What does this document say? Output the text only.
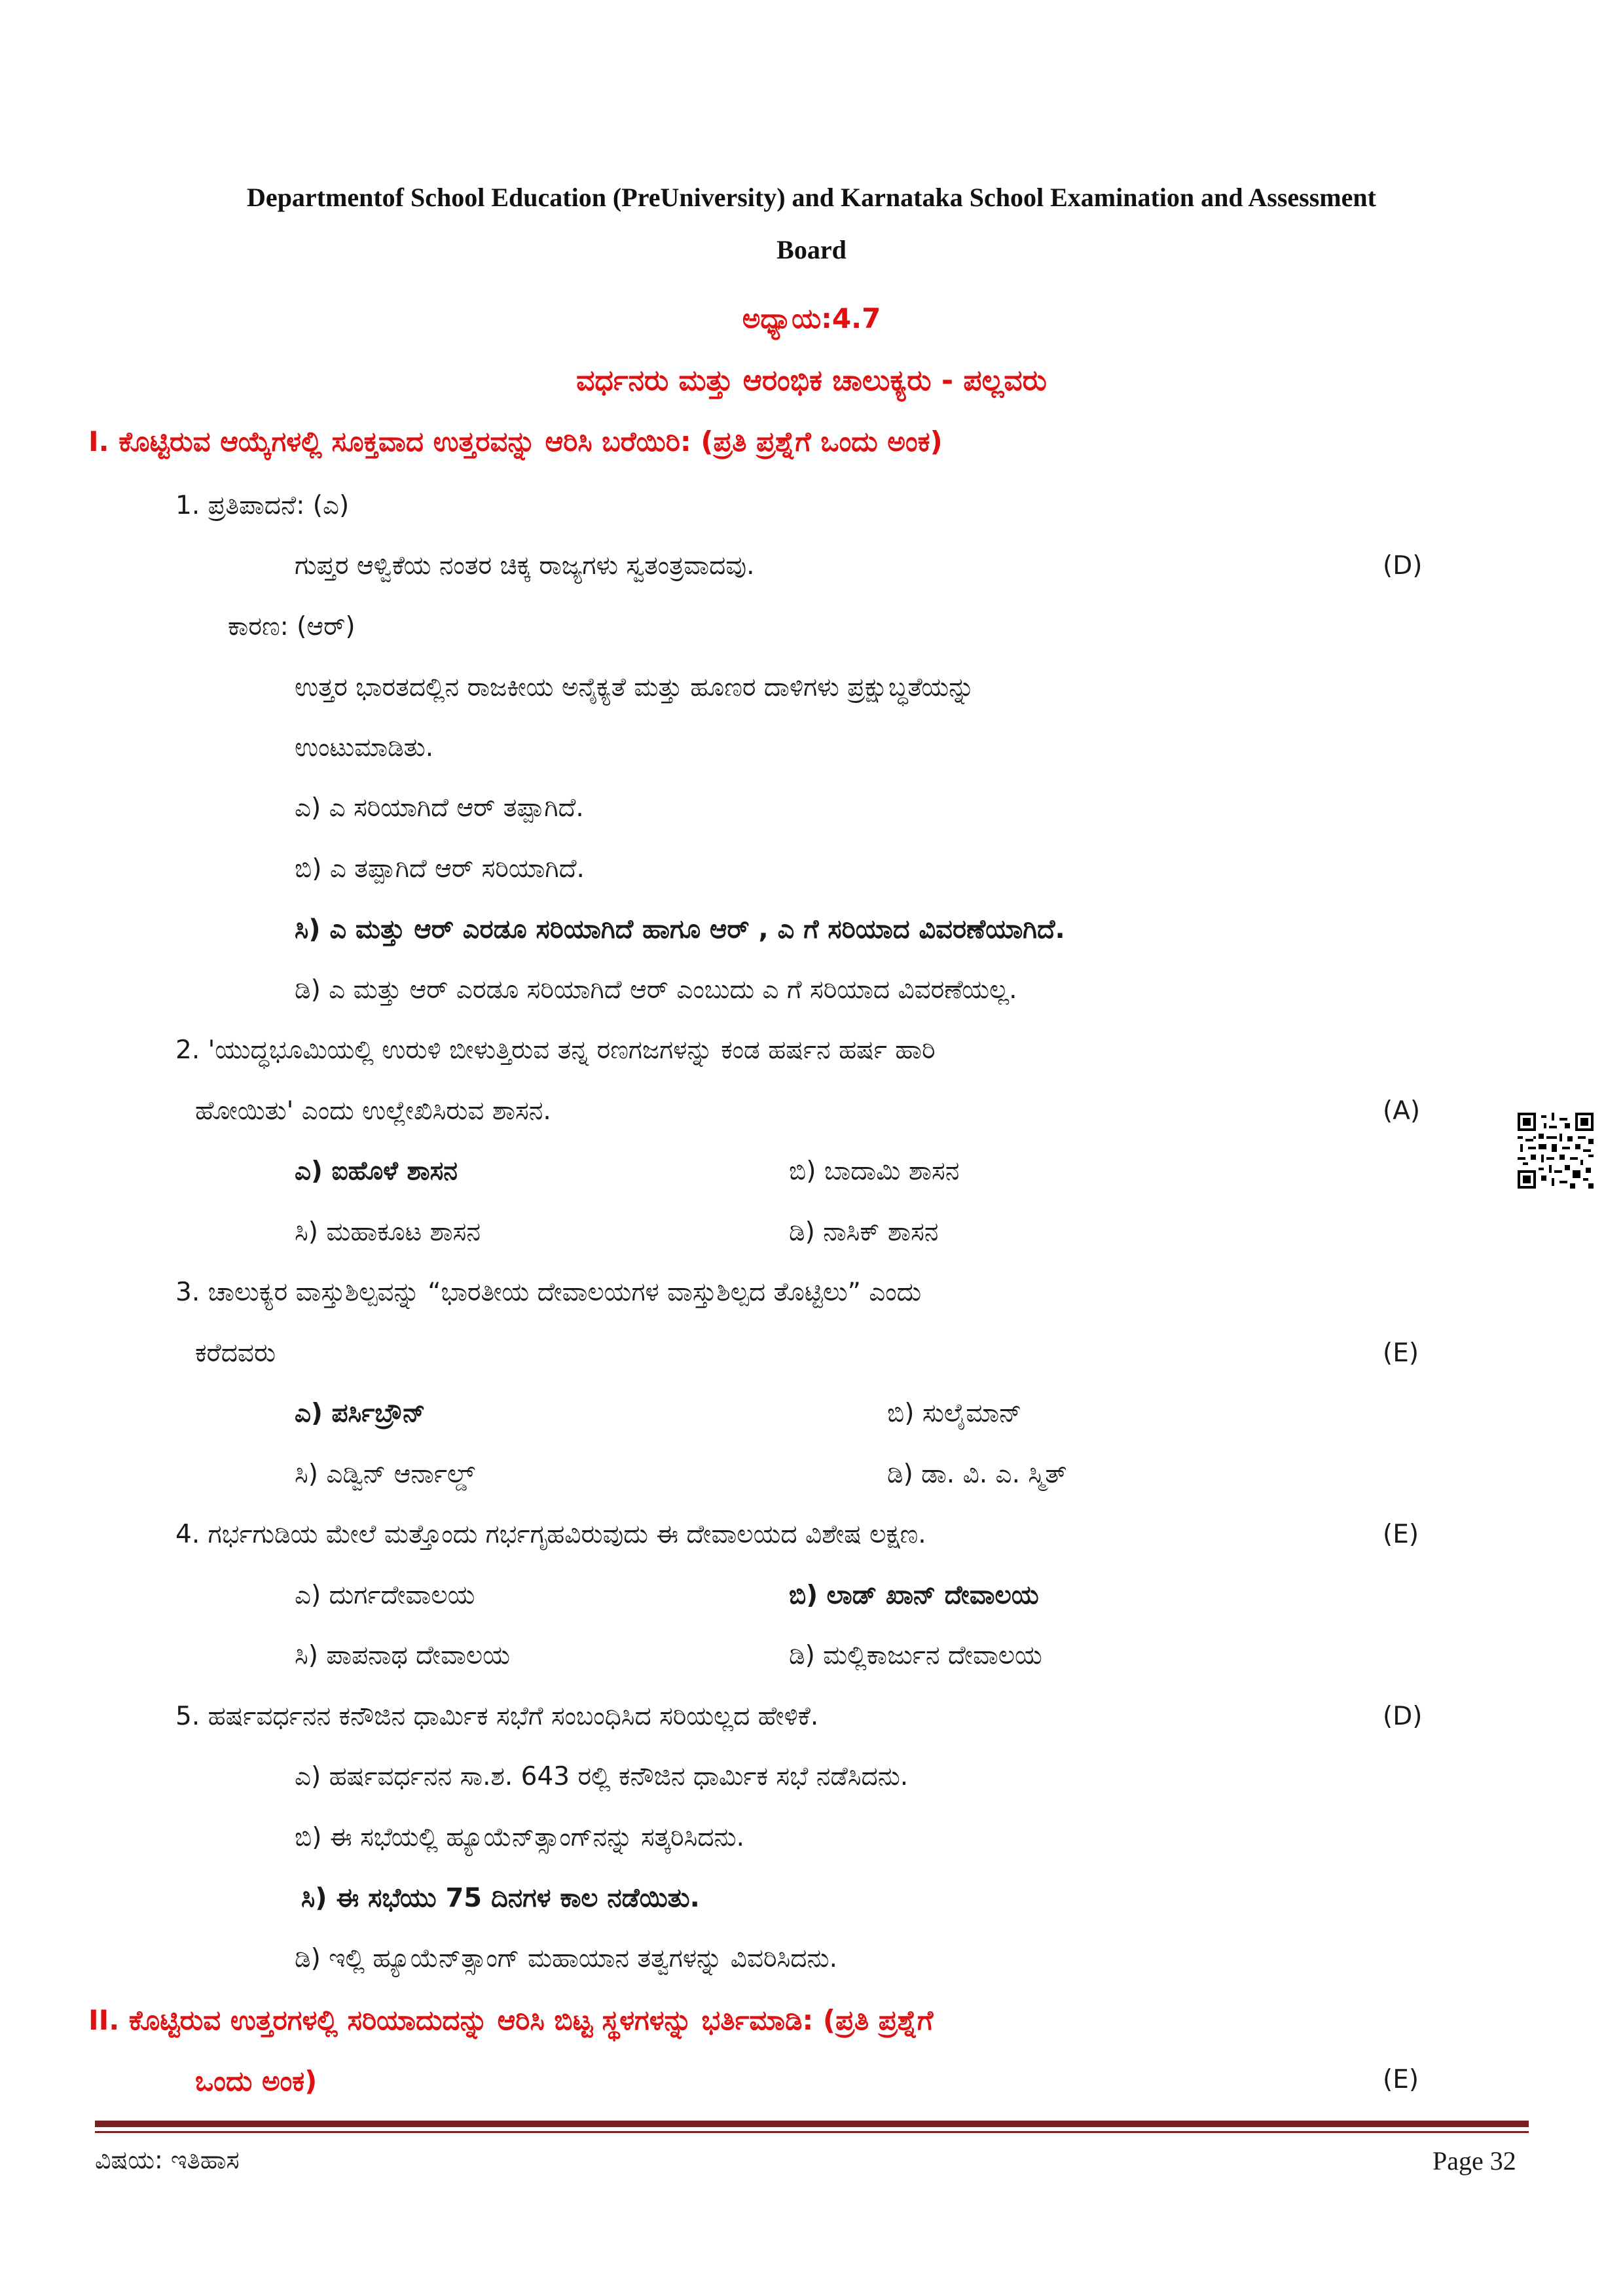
Departmentof School Education (PreUniversity) and Karnataka School Examination and Assessment
Board
ಅಧ್ಯಾಯ:4.7
ವರ್ಧನರು ಮತ್ತು ಆರಂಭಿಕ ಚಾಲುಕ್ಯರು - ಪಲ್ಲವರು
I. ಕೊಟ್ಟಿರುವ ಆಯ್ಕೆಗಳಲ್ಲಿ ಸೂಕ್ತವಾದ ಉತ್ತರವನ್ನು ಆರಿಸಿ ಬರೆಯಿರಿ: (ಪ್ರತಿ ಪ್ರಶ್ನೆಗೆ ಒಂದು ಅಂಕ)
1. ಪ್ರತಿಪಾದನೆ: (ಎ)
ಗುಪ್ತರ ಆಳ್ವಿಕೆಯ ನಂತರ ಚಿಕ್ಕ ರಾಜ್ಯಗಳು ಸ್ವತಂತ್ರವಾದವು.	(D)
ಕಾರಣ: (ಆರ್)
ಉತ್ತರ ಭಾರತದಲ್ಲಿನ ರಾಜಕೀಯ ಅನೈಕ್ಯತೆ ಮತ್ತು ಹೂಣರ ದಾಳಿಗಳು ಪ್ರಕ್ಷುಬ್ಧತೆಯನ್ನು
ಉಂಟುಮಾಡಿತು.
ಎ) ಎ ಸರಿಯಾಗಿದೆ ಆರ್ ತಪ್ಪಾಗಿದೆ.
ಬಿ) ಎ ತಪ್ಪಾಗಿದೆ ಆರ್ ಸರಿಯಾಗಿದೆ.
ಸಿ) ಎ ಮತ್ತು ಆರ್ ಎರಡೂ ಸರಿಯಾಗಿದೆ ಹಾಗೂ ಆರ್ , ಎ ಗೆ ಸರಿಯಾದ ವಿವರಣೆಯಾಗಿದೆ.
ಡಿ) ಎ ಮತ್ತು ಆರ್ ಎರಡೂ ಸರಿಯಾಗಿದೆ ಆರ್ ಎಂಬುದು ಎ ಗೆ ಸರಿಯಾದ ವಿವರಣೆಯಲ್ಲ.
2. 'ಯುದ್ಧಭೂಮಿಯಲ್ಲಿ ಉರುಳಿ ಬೀಳುತ್ತಿರುವ ತನ್ನ ರಣಗಜಗಳನ್ನು ಕಂಡ ಹರ್ಷನ ಹರ್ಷ ಹಾರಿ
ಹೋಯಿತು' ಎಂದು ಉಲ್ಲೇಖಿಸಿರುವ ಶಾಸನ.	(A)
ಎ) ಐಹೊಳೆ ಶಾಸನ	ಬಿ) ಬಾದಾಮಿ ಶಾಸನ
ಸಿ) ಮಹಾಕೂಟ ಶಾಸನ	ಡಿ) ನಾಸಿಕ್ ಶಾಸನ
3. ಚಾಲುಕ್ಯರ ವಾಸ್ತುಶಿಲ್ಪವನ್ನು “ಭಾರತೀಯ ದೇವಾಲಯಗಳ ವಾಸ್ತುಶಿಲ್ಪದ ತೊಟ್ಟಿಲು” ಎಂದು
ಕರೆದವರು	(E)
ಎ) ಪರ್ಸಿಬ್ರೌನ್	ಬಿ) ಸುಲೈಮಾನ್
ಸಿ) ಎಡ್ವಿನ್ ಆರ್ನಾಲ್ಡ್	ಡಿ) ಡಾ. ವಿ. ಎ. ಸ್ಮಿತ್
4. ಗರ್ಭಗುಡಿಯ ಮೇಲೆ ಮತ್ತೊಂದು ಗರ್ಭಗೃಹವಿರುವುದು ಈ ದೇವಾಲಯದ ವಿಶೇಷ ಲಕ್ಷಣ.	(E)
ಎ) ದುರ್ಗದೇವಾಲಯ	ಬಿ) ಲಾಡ್ ಖಾನ್ ದೇವಾಲಯ
ಸಿ) ಪಾಪನಾಥ ದೇವಾಲಯ	ಡಿ) ಮಲ್ಲಿಕಾರ್ಜುನ ದೇವಾಲಯ
5. ಹರ್ಷವರ್ಧನನ ಕನೌಜಿನ ಧಾರ್ಮಿಕ ಸಭೆಗೆ ಸಂಬಂಧಿಸಿದ ಸರಿಯಲ್ಲದ ಹೇಳಿಕೆ.	(D)
ಎ) ಹರ್ಷವರ್ಧನನ ಸಾ.ಶ. 643 ರಲ್ಲಿ ಕನೌಜಿನ ಧಾರ್ಮಿಕ ಸಭೆ ನಡೆಸಿದನು.
ಬಿ) ಈ ಸಭೆಯಲ್ಲಿ ಹ್ಯೂಯೆನ್‌ತ್ಸಾಂಗ್‌ನನ್ನು ಸತ್ಕರಿಸಿದನು.
ಸಿ) ಈ ಸಭೆಯು 75 ದಿನಗಳ ಕಾಲ ನಡೆಯಿತು.
ಡಿ) ಇಲ್ಲಿ ಹ್ಯೂಯೆನ್‌ತ್ಸಾಂಗ್ ಮಹಾಯಾನ ತತ್ವಗಳನ್ನು ವಿವರಿಸಿದನು.
II. ಕೊಟ್ಟಿರುವ ಉತ್ತರಗಳಲ್ಲಿ ಸರಿಯಾದುದನ್ನು ಆರಿಸಿ ಬಿಟ್ಟ ಸ್ಥಳಗಳನ್ನು ಭರ್ತಿಮಾಡಿ: (ಪ್ರತಿ ಪ್ರಶ್ನೆಗೆ
ಒಂದು ಅಂಕ)	(E)
ವಿಷಯ: ಇತಿಹಾಸ	Page 32
